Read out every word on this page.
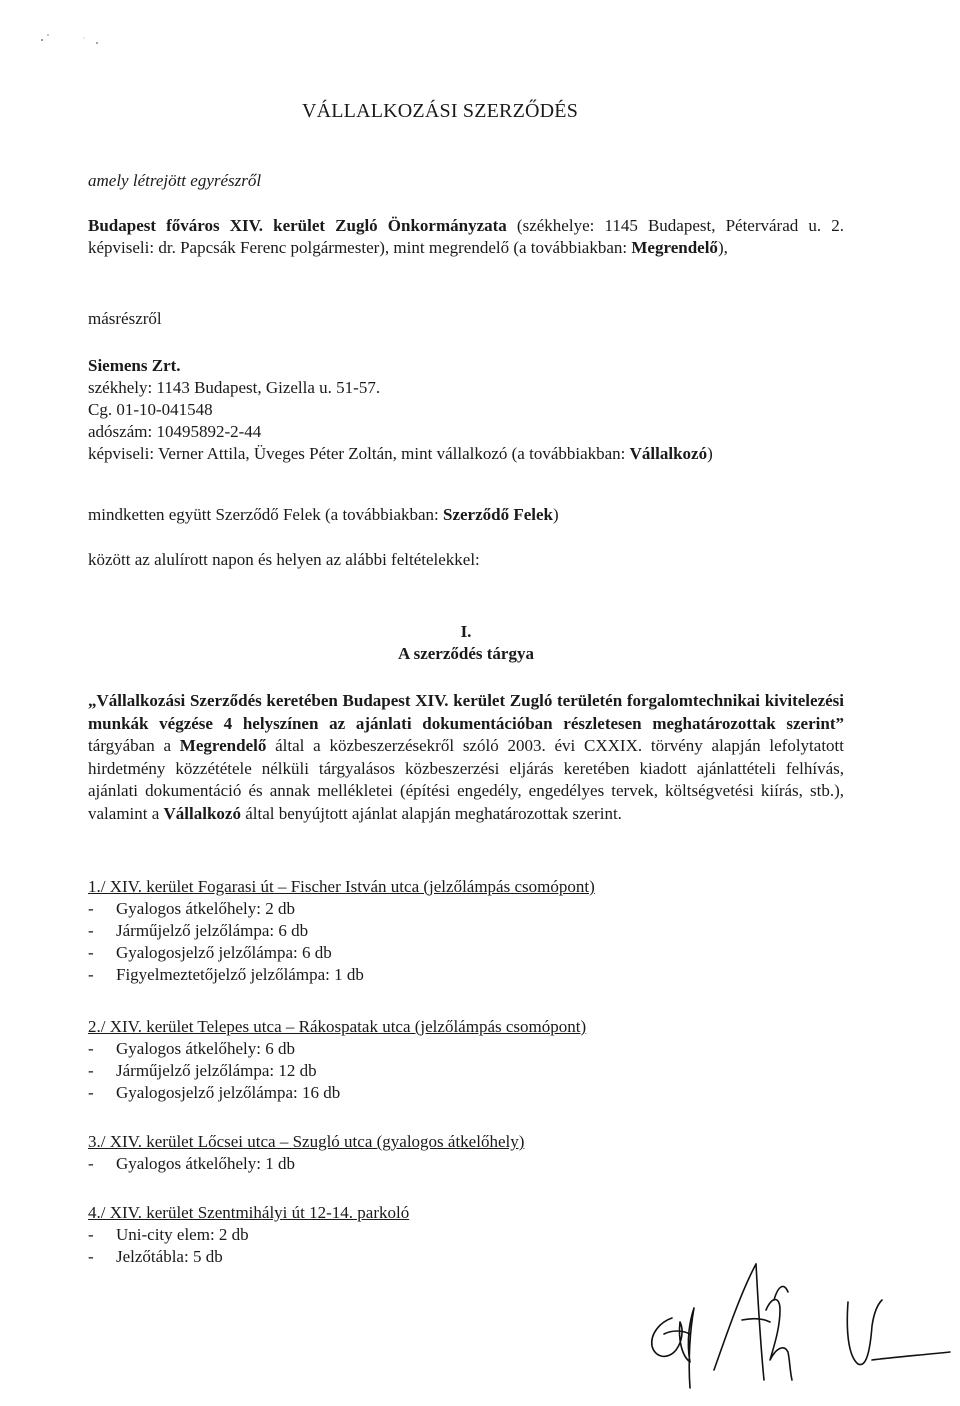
VÁLLALKOZÁSI SZERZŐDÉS
amely létrejött egyrészről
Budapest főváros XIV. kerület Zugló Önkormányzata (székhelye: 1145 Budapest, Pétervárad u. 2. képviseli: dr. Papcsák Ferenc polgármester), mint megrendelő (a továbbiakban: Megrendelő),
másrészről
Siemens Zrt.
székhely: 1143 Budapest, Gizella u. 51-57.
Cg. 01-10-041548
adószám: 10495892-2-44
képviseli: Verner Attila, Üveges Péter Zoltán, mint vállalkozó (a továbbiakban: Vállalkozó)
mindketten együtt Szerződő Felek (a továbbiakban: Szerződő Felek)
között az alulírott napon és helyen az alábbi feltételekkel:
I.
A szerződés tárgya
„Vállalkozási Szerződés keretében Budapest XIV. kerület Zugló területén forgalomtechnikai kivitelezési munkák végzése 4 helyszínen az ajánlati dokumentációban részletesen meghatározottak szerint” tárgyában a Megrendelő által a közbeszerzésekről szóló 2003. évi CXXIX. törvény alapján lefolytatott hirdetmény közzététele nélküli tárgyalásos közbeszerzési eljárás keretében kiadott ajánlattételi felhívás, ajánlati dokumentáció és annak mellékletei (építési engedély, engedélyes tervek, költségvetési kiírás, stb.), valamint a Vállalkozó által benyújtott ajánlat alapján meghatározottak szerint.
1./ XIV. kerület Fogarasi út – Fischer István utca (jelzőlámpás csomópont)
- Gyalogos átkelőhely: 2 db
- Járműjelző jelzőlámpa: 6 db
- Gyalogosjelző jelzőlámpa: 6 db
- Figyelmeztetőjelző jelzőlámpa: 1 db
2./ XIV. kerület Telepes utca – Rákospatak utca (jelzőlámpás csomópont)
- Gyalogos átkelőhely: 6 db
- Járműjelző jelzőlámpa: 12 db
- Gyalogosjelző jelzőlámpa: 16 db
3./ XIV. kerület Lőcsei utca – Szugló utca (gyalogos átkelőhely)
- Gyalogos átkelőhely: 1 db
4./ XIV. kerület Szentmihályi út 12-14. parkoló
- Uni-city elem: 2 db
- Jelzőtábla: 5 db
